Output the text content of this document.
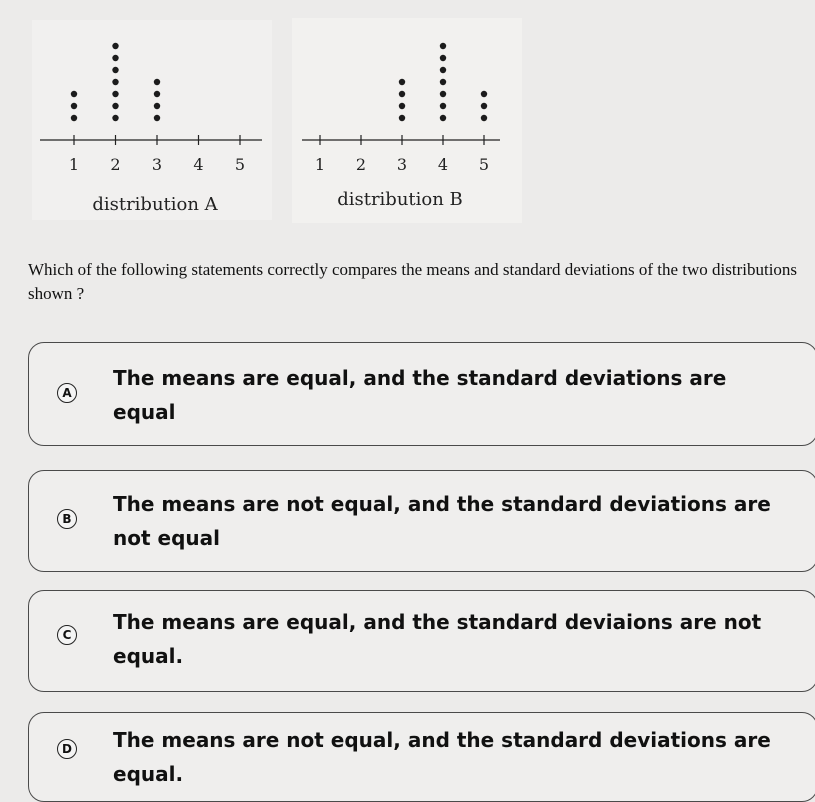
1 2 3 4 5
distribution A
1 2 3 4 5
distribution B
Which of the following statements correctly compares the means and standard deviations of the two distributions shown ?
A
The means are equal, and the standard deviations are equal
B
The means are not equal, and the standard deviations are not equal
C
The means are equal, and the standard deviaions are not equal.
D The means are not equal, and the standard deviations are equal.
